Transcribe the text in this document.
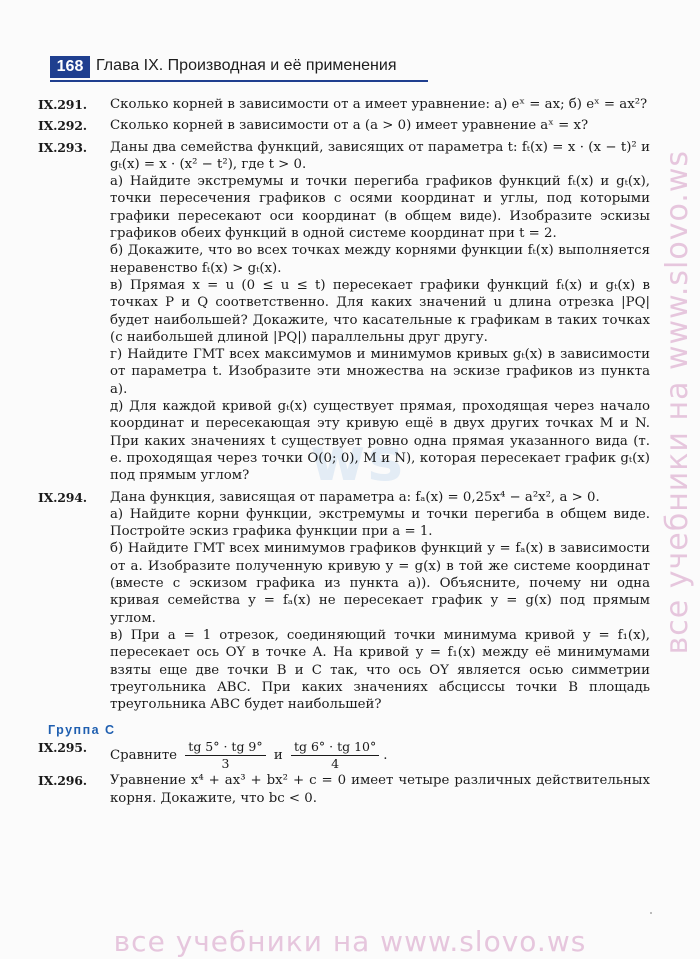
168 Глава IX. Производная и её применения
ws
IX.291.	Сколько корней в зависимости от a имеет уравнение: а) eˣ = ax; б) eˣ = ax²?

IX.292.	Сколько корней в зависимости от a (a > 0) имеет уравнение aˣ = x?

IX.293.	Даны два семейства функций, зависящих от параметра t: fₜ(x) = x · (x − t)² и gₜ(x) = x · (x² − t²), где t > 0.

а) Найдите экстремумы и точки перегиба графиков функций fₜ(x) и gₜ(x), точки пересечения графиков с осями координат и углы, под которыми графики пересекают оси координат (в общем виде). Изобразите эскизы графиков обеих функций в одной системе координат при t = 2.

б) Докажите, что во всех точках между корнями функции fₜ(x) выполняется неравенство fₜ(x) > gₜ(x).

в) Прямая x = u (0 ≤ u ≤ t) пересекает графики функций fₜ(x) и gₜ(x) в точках P и Q соответственно. Для каких значений u длина отрезка |PQ| будет наибольшей? Докажите, что касательные к графикам в таких точках (с наибольшей длиной |PQ|) параллельны друг другу.

г) Найдите ГМТ всех максимумов и минимумов кривых gₜ(x) в зависимости от параметра t. Изобразите эти множества на эскизе графиков из пункта а).

д) Для каждой кривой gₜ(x) существует прямая, проходящая через начало координат и пересекающая эту кривую ещё в двух других точках M и N. При каких значениях t существует ровно одна прямая указанного вида (т. е. проходящая через точки O(0; 0), M и N), которая пересекает график gₜ(x) под прямым углом?

IX.294.	Дана функция, зависящая от параметра a: fₐ(x) = 0,25x⁴ − a²x², a > 0.

а) Найдите корни функции, экстремумы и точки перегиба в общем виде. Постройте эскиз графика функции при a = 1.

б) Найдите ГМТ всех минимумов графиков функций y = fₐ(x) в зависимости от a. Изобразите полученную кривую y = g(x) в той же системе координат (вместе с эскизом графика из пункта а)). Объясните, почему ни одна кривая семейства y = fₐ(x) не пересекает график y = g(x) под прямым углом.

в) При a = 1 отрезок, соединяющий точки минимума кривой y = f₁(x), пересекает ось OY в точке A. На кривой y = f₁(x) между её минимумами взяты еще две точки B и C так, что ось OY является осью симметрии треугольника ABC. При каких значениях абсциссы точки B площадь треугольника ABC будет наибольшей?

Группа C
IX.295.
Сравните $\frac{tg 5^\circ \cdot tg 9^\circ}{3}$ и $\frac{tg 6^\circ \cdot tg 10^\circ}{4}$ .
IX.296.	Уравнение x⁴ + ax³ + bx² + c = 0 имеет четыре различных действительных корня. Докажите, что bc < 0.
все учебники на www.slovo.ws
все учебники на www.slovo.ws
